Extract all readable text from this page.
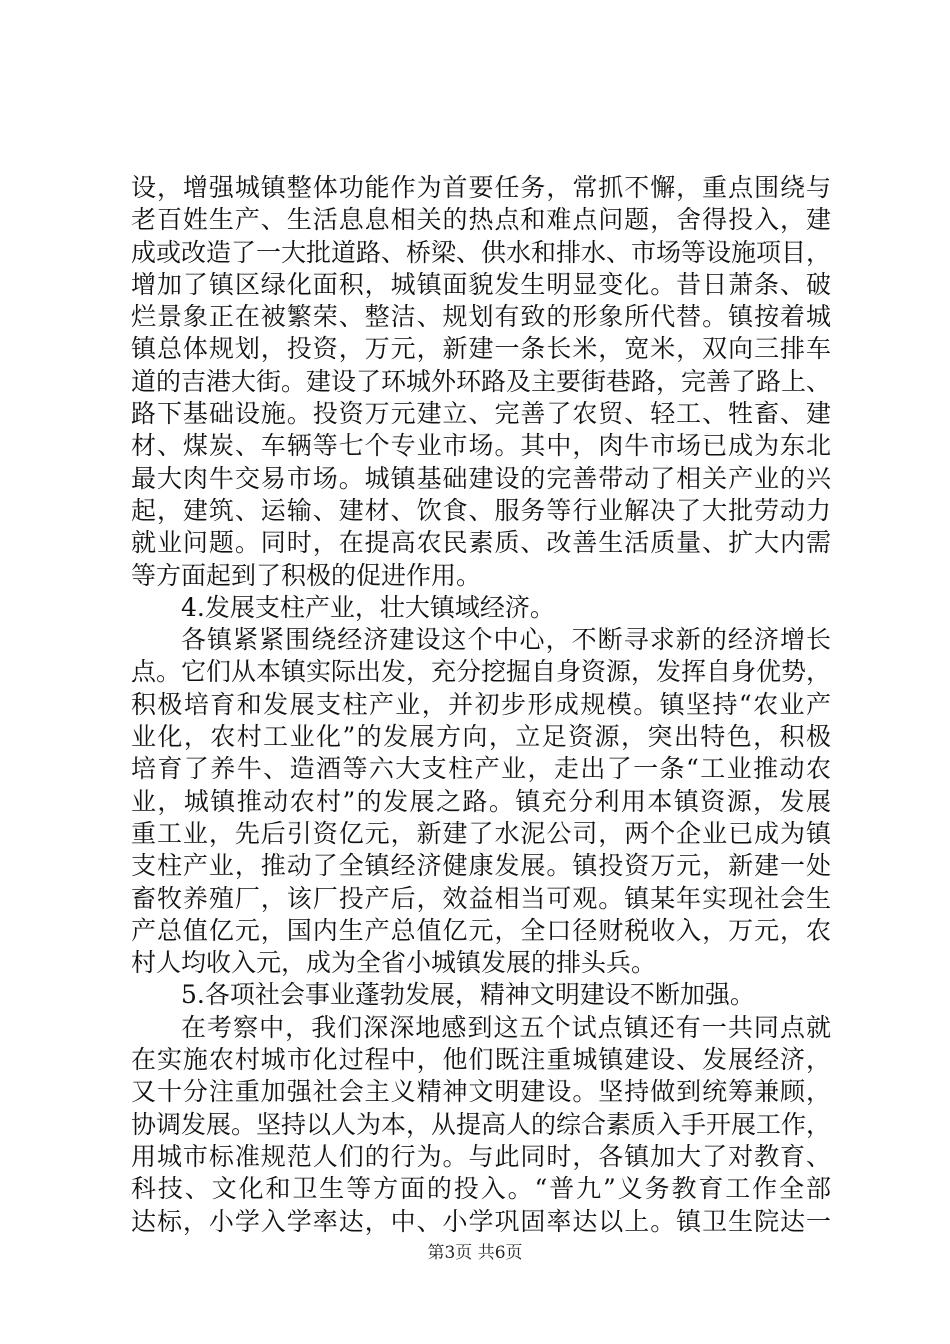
设，增强城镇整体功能作为首要任务，常抓不懈，重点围绕与
老百姓生产、生活息息相关的热点和难点问题，舍得投入，建
成或改造了一大批道路、桥梁、供水和排水、市场等设施项目，
增加了镇区绿化面积，城镇面貌发生明显变化。昔日萧条、破
烂景象正在被繁荣、整洁、规划有致的形象所代替。镇按着城
镇总体规划，投资，万元，新建一条长米，宽米，双向三排车
道的吉港大街。建设了环城外环路及主要街巷路，完善了路上、
路下基础设施。投资万元建立、完善了农贸、轻工、牲畜、建
材、煤炭、车辆等七个专业市场。其中，肉牛市场已成为东北
最大肉牛交易市场。城镇基础建设的完善带动了相关产业的兴
起，建筑、运输、建材、饮食、服务等行业解决了大批劳动力
就业问题。同时，在提高农民素质、改善生活质量、扩大内需
等方面起到了积极的促进作用。
4.发展支柱产业，壮大镇域经济。
各镇紧紧围绕经济建设这个中心，不断寻求新的经济增长
点。它们从本镇实际出发，充分挖掘自身资源，发挥自身优势，
积极培育和发展支柱产业，并初步形成规模。镇坚持“农业产
业化，农村工业化”的发展方向，立足资源，突出特色，积极
培育了养牛、造酒等六大支柱产业，走出了一条“工业推动农
业，城镇推动农村”的发展之路。镇充分利用本镇资源，发展
重工业，先后引资亿元，新建了水泥公司，两个企业已成为镇
支柱产业，推动了全镇经济健康发展。镇投资万元，新建一处
畜牧养殖厂，该厂投产后，效益相当可观。镇某年实现社会生
产总值亿元，国内生产总值亿元，全口径财税收入，万元，农
村人均收入元，成为全省小城镇发展的排头兵。
5.各项社会事业蓬勃发展，精神文明建设不断加强。
在考察中，我们深深地感到这五个试点镇还有一共同点就
在实施农村城市化过程中，他们既注重城镇建设、发展经济，
又十分注重加强社会主义精神文明建设。坚持做到统筹兼顾，
协调发展。坚持以人为本，从提高人的综合素质入手开展工作，
用城市标准规范人们的行为。与此同时，各镇加大了对教育、
科技、文化和卫生等方面的投入。“普九”义务教育工作全部
达标，小学入学率达，中、小学巩固率达以上。镇卫生院达一
第3页 共6页
